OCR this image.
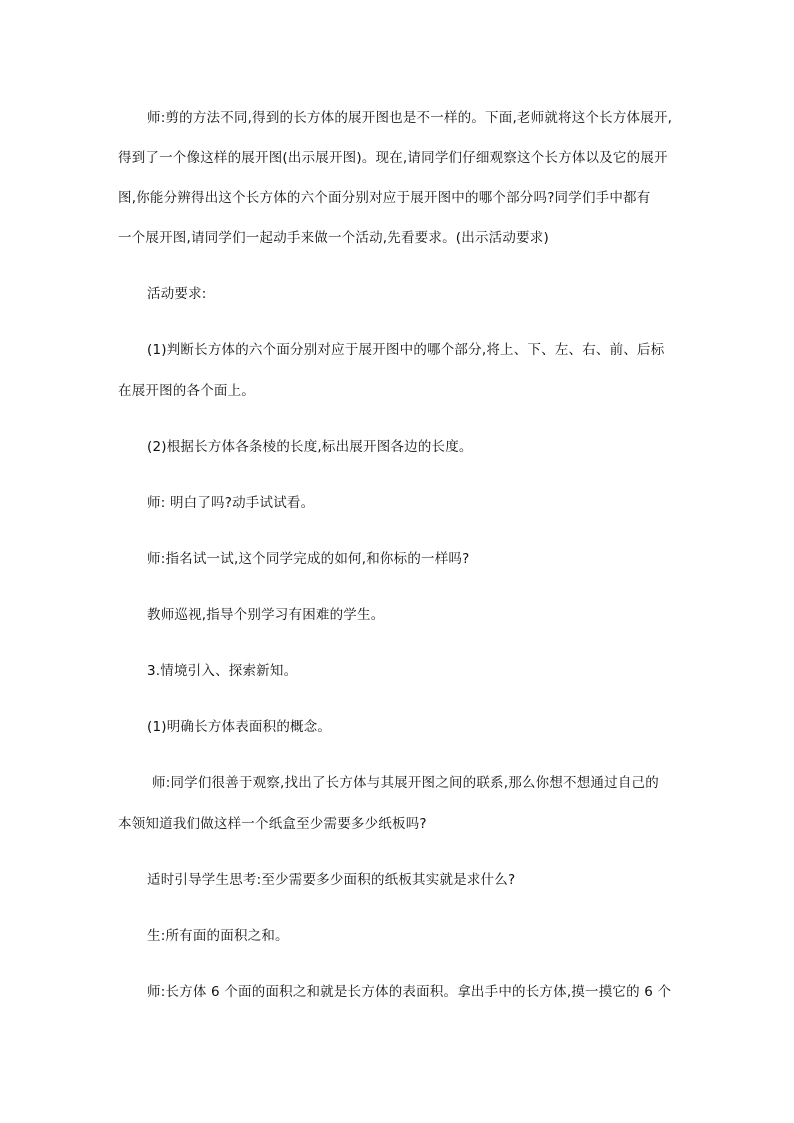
师:剪的方法不同,得到的长方体的展开图也是不一样的。下面,老师就将这个长方体展开,
得到了一个像这样的展开图(出示展开图)。现在,请同学们仔细观察这个长方体以及它的展开
图,你能分辨得出这个长方体的六个面分别对应于展开图中的哪个部分吗?同学们手中都有
一个展开图,请同学们一起动手来做一个活动,先看要求。(出示活动要求)
活动要求:
(1)判断长方体的六个面分别对应于展开图中的哪个部分,将上、下、左、右、前、后标
在展开图的各个面上。
(2)根据长方体各条棱的长度,标出展开图各边的长度。
师: 明白了吗?动手试试看。
师:指名试一试,这个同学完成的如何,和你标的一样吗?
教师巡视,指导个别学习有困难的学生。
3.情境引入、探索新知。
(1)明确长方体表面积的概念。
师:同学们很善于观察,找出了长方体与其展开图之间的联系,那么你想不想通过自己的
本领知道我们做这样一个纸盒至少需要多少纸板吗?
适时引导学生思考:至少需要多少面积的纸板其实就是求什么?
生:所有面的面积之和。
师:长方体 6 个面的面积之和就是长方体的表面积。拿出手中的长方体,摸一摸它的 6 个
